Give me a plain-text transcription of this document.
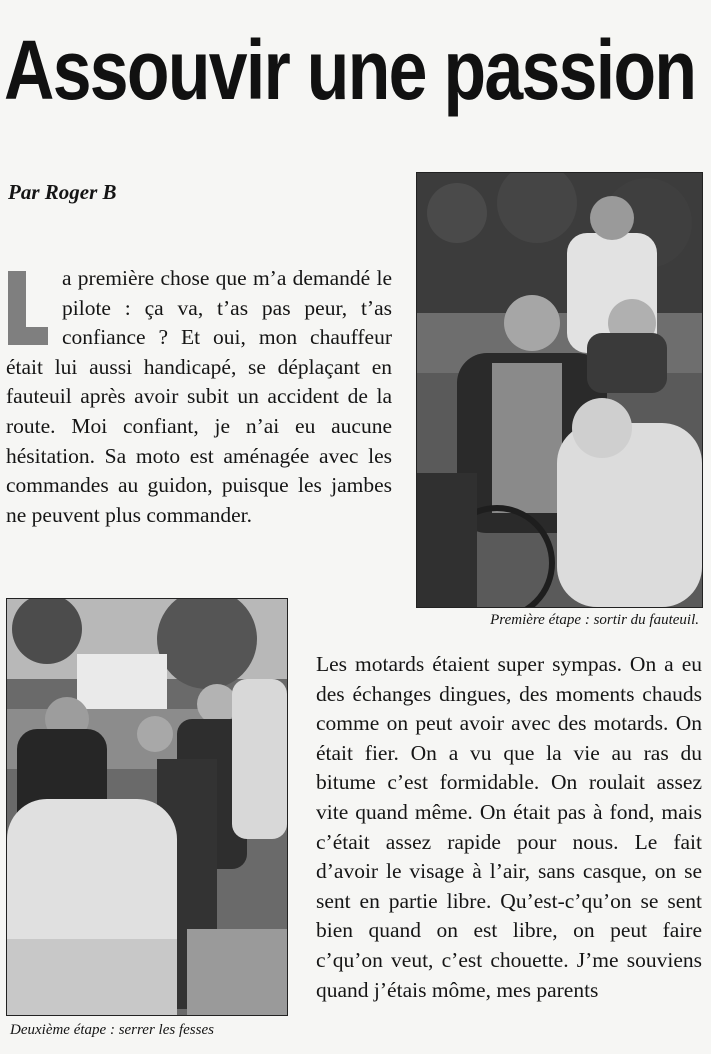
Assouvir une passion
Par Roger B
a première chose que m’a demandé le pilote : ça va, t’as pas peur, t’as confiance ? Et oui, mon chauffeur était lui aussi handicapé, se déplaçant en fauteuil après avoir subit un accident de la route. Moi confiant, je n’ai eu aucune hésitation. Sa moto est aménagée avec les commandes au guidon, puisque les jambes ne peuvent plus commander.
Première étape : sortir du fauteuil.
Deuxième étape : serrer les fesses
Les motards étaient super sympas. On a eu des échanges dingues, des moments chauds comme on peut avoir avec des motards. On était fier. On a vu que la vie au ras du bitume c’est formidable. On roulait assez vite quand même. On était pas à fond, mais c’était assez rapide pour nous. Le fait d’avoir le visage à l’air, sans casque, on se sent en partie libre. Qu’est-c’qu’on se sent bien quand on est libre, on peut faire c’qu’on veut, c’est chouette. J’me souviens quand j’étais môme, mes parents
